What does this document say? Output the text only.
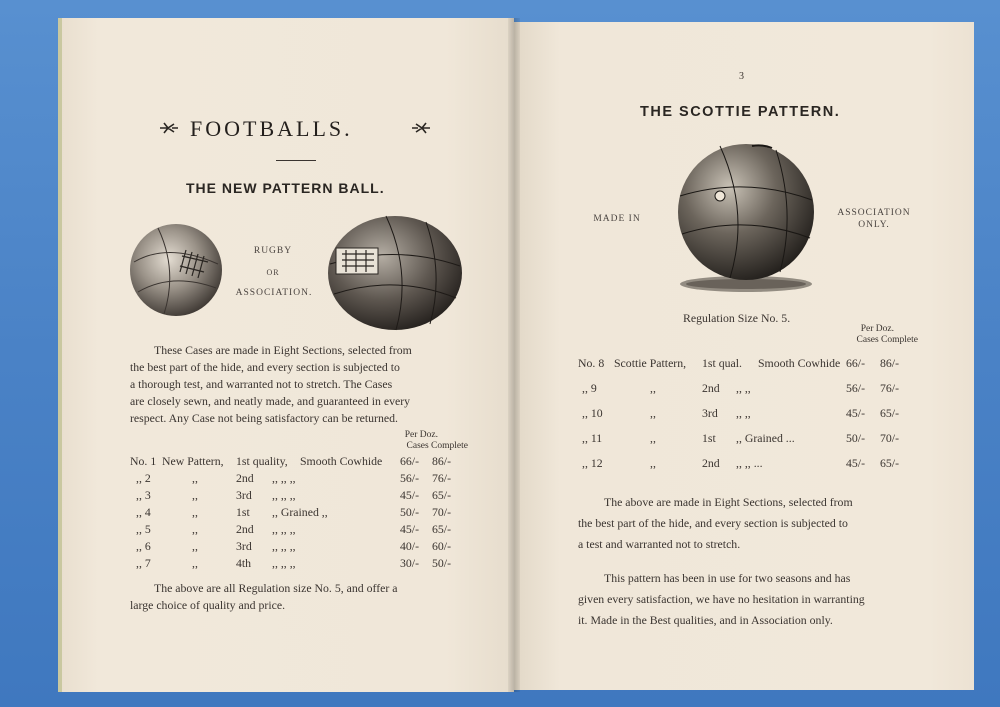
FOOTBALLS.
THE NEW PATTERN BALL.
RUGBY
OR
ASSOCIATION.
These Cases are made in Eight Sections, selected from
the best part of the hide, and every section is subjected to
a thorough test, and warranted not to stretch. The Cases
are closely sewn, and neatly made, and guaranteed in every
respect. Any Case not being satisfactory can be returned.
Per Doz.
Cases Complete
No. 1 New Pattern, 1st quality, Smooth Cowhide 66/- 86/-
,, 2	,,	2nd ,, ,, ,,	56/- 76/-
,, 3	,,	3rd ,, ,, ,,	45/- 65/-
,, 4	,,	1st ,, Grained ,,	50/- 70/-
,, 5	,,	2nd ,, ,, ,,	45/- 65/-
,, 6	,,	3rd ,, ,, ,,	40/- 60/-
,, 7	,,	4th ,, ,, ,,	30/- 50/-
The above are all Regulation size No. 5, and offer a
large choice of quality and price.
3
THE SCOTTIE PATTERN.
MADE IN
ASSOCIATION
ONLY.
Regulation Size No. 5.
Per Doz.
Cases Complete
No. 8 Scottie Pattern, 1st qual. Smooth Cowhide 66/- 86/-
,, 9	,,	2nd ,, ,,	56/- 76/-
,, 10	,,	3rd ,, ,,	45/- 65/-
,, 11	,,	1st ,, Grained ...	50/- 70/-
,, 12	,,	2nd ,, ,, ...	45/- 65/-
The above are made in Eight Sections, selected from
the best part of the hide, and every section is subjected to
a test and warranted not to stretch.
This pattern has been in use for two seasons and has
given every satisfaction, we have no hesitation in warranting
it. Made in the Best qualities, and in Association only.
